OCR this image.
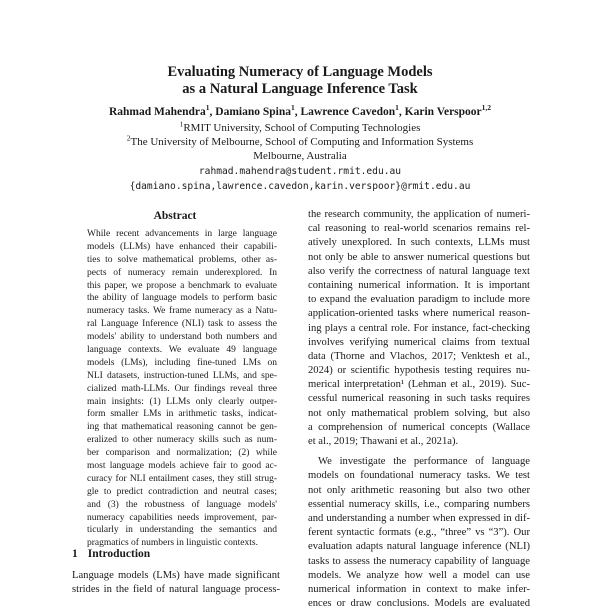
Evaluating Numeracy of Language Models
as a Natural Language Inference Task
Rahmad Mahendra$^1$, Damiano Spina$^1$, Lawrence Cavedon$^1$, Karin Verspoor$^{1,2}$
$^1$RMIT University, School of Computing Technologies
$^2$The University of Melbourne, School of Computing and Information Systems
Melbourne, Australia
rahmad.mahendra@student.rmit.edu.au
{damiano.spina,lawrence.cavedon,karin.verspoor}@rmit.edu.au
Abstract
While recent advancements in large language
models (LLMs) have enhanced their capabili-
ties to solve mathematical problems, other as-
pects of numeracy remain underexplored. In
this paper, we propose a benchmark to evaluate
the ability of language models to perform basic
numeracy tasks. We frame numeracy as a Natu-
ral Language Inference (NLI) task to assess the
models' ability to understand both numbers and
language contexts. We evaluate 49 language
models (LMs), including fine-tuned LMs on
NLI datasets, instruction-tuned LLMs, and spe-
cialized math-LLMs. Our findings reveal three
main insights: (1) LLMs only clearly outper-
form smaller LMs in arithmetic tasks, indicat-
ing that mathematical reasoning cannot be gen-
eralized to other numeracy skills such as num-
ber comparison and normalization; (2) while
most language models achieve fair to good ac-
curacy for NLI entailment cases, they still strug-
gle to predict contradiction and neutral cases;
and (3) the robustness of language models'
numeracy capabilities needs improvement, par-
ticularly in understanding the semantics and
pragmatics of numbers in linguistic contexts.
1 Introduction
Language models (LMs) have made significant
strides in the field of natural language process-
the research community, the application of numeri-
cal reasoning to real-world scenarios remains rel-
atively unexplored. In such contexts, LLMs must
not only be able to answer numerical questions but
also verify the correctness of natural language text
containing numerical information. It is important
to expand the evaluation paradigm to include more
application-oriented tasks where numerical reason-
ing plays a central role. For instance, fact-checking
involves verifying numerical claims from textual
data (Thorne and Vlachos, 2017; Venktesh et al.,
2024) or scientific hypothesis testing requires nu-
merical interpretation¹ (Lehman et al., 2019). Suc-
cessful numerical reasoning in such tasks requires
not only mathematical problem solving, but also
a comprehension of numerical concepts (Wallace
et al., 2019; Thawani et al., 2021a).
We investigate the performance of language
models on foundational numeracy tasks. We test
not only arithmetic reasoning but also two other
essential numeracy skills, i.e., comparing numbers
and understanding a number when expressed in dif-
ferent syntactic formats (e.g., “three” vs “3”). Our
evaluation adapts natural language inference (NLI)
tasks to assess the numeracy capability of language
models. We analyze how well a model can use
numerical information in context to make infer-
ences or draw conclusions. Models are evaluated
